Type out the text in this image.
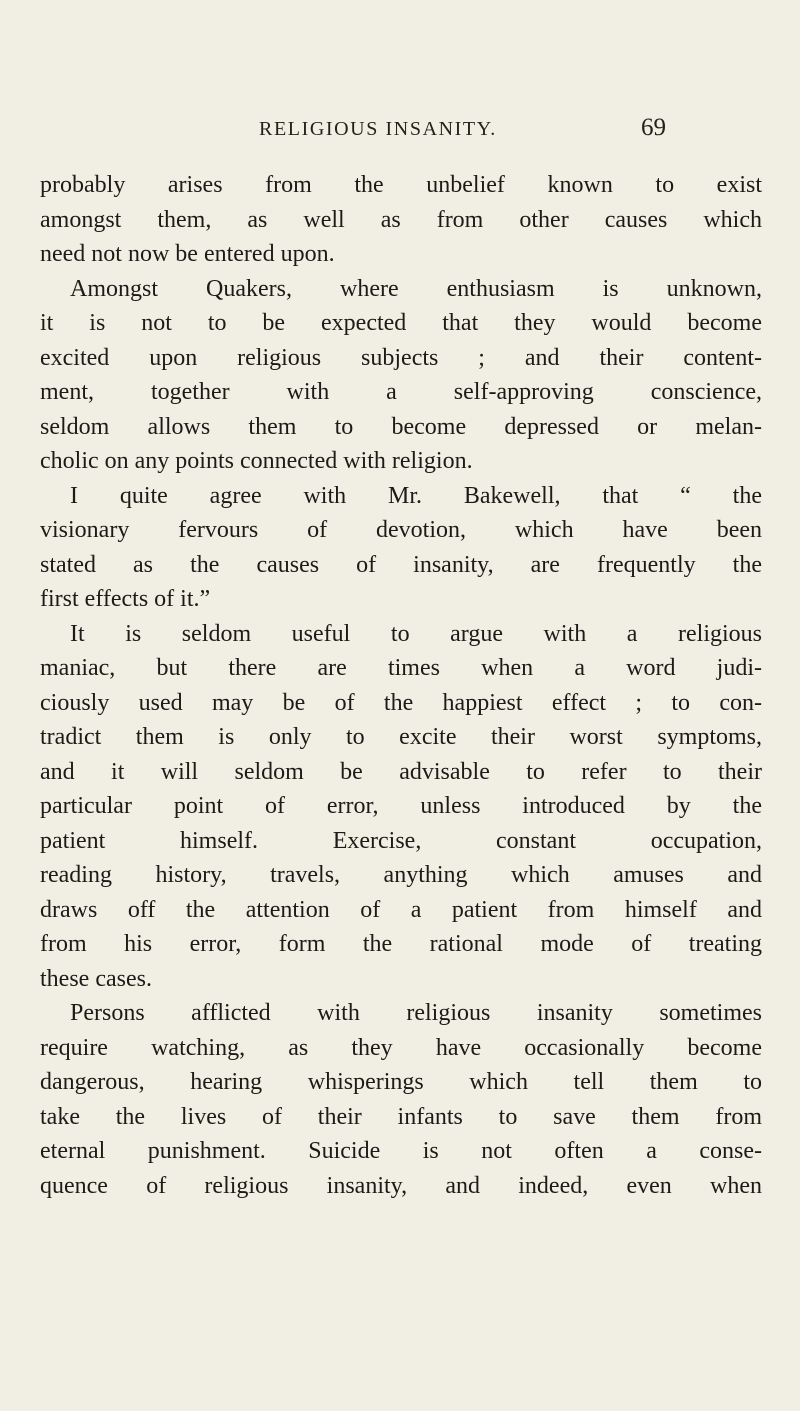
RELIGIOUS INSANITY.	69
probably arises from the unbelief known to exist
amongst them, as well as from other causes which
need not now be entered upon.
Amongst Quakers, where enthusiasm is unknown,
it is not to be expected that they would become
excited upon religious subjects ; and their content-
ment, together with a self-approving conscience,
seldom allows them to become depressed or melan-
cholic on any points connected with religion.
I quite agree with Mr. Bakewell, that “ the
visionary fervours of devotion, which have been
stated as the causes of insanity, are frequently the
first effects of it.”
It is seldom useful to argue with a religious
maniac, but there are times when a word judi-
ciously used may be of the happiest effect ; to con-
tradict them is only to excite their worst symptoms,
and it will seldom be advisable to refer to their
particular point of error, unless introduced by the
patient himself. Exercise, constant occupation,
reading history, travels, anything which amuses and
draws off the attention of a patient from himself and
from his error, form the rational mode of treating
these cases.
Persons afflicted with religious insanity sometimes
require watching, as they have occasionally become
dangerous, hearing whisperings which tell them to
take the lives of their infants to save them from
eternal punishment. Suicide is not often a conse-
quence of religious insanity, and indeed, even when
